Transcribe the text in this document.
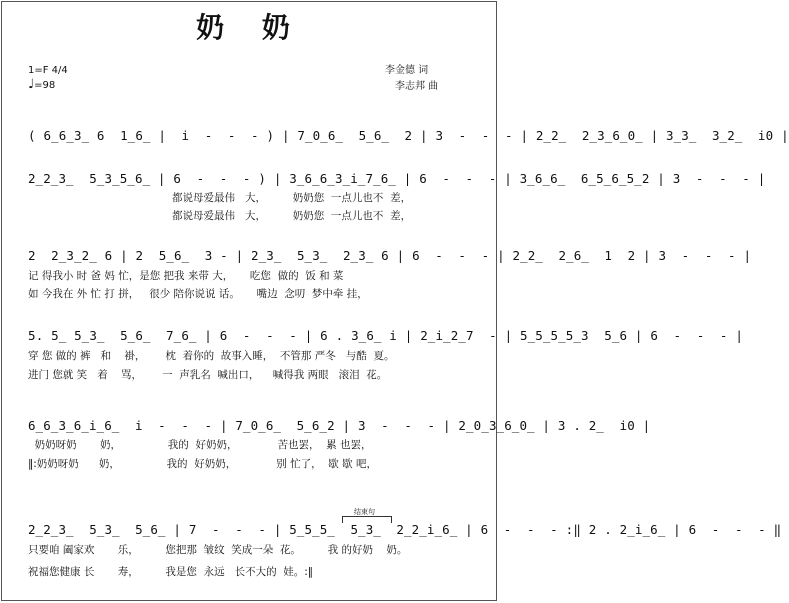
奶 奶
1=F 4/4
♩=98
李金德 词
李志邦 曲
( 6̲6̲3̲ 6  1̲6̲ |  i  -  -  - ) | 7̲0̲6̲  5̲6̲  2 | 3  -  -  - | 2̲2̲  2̲3̲6̲0̲ | 3̲3̲  3̲2̲  i0 |
2̲2̲3̲  5̲3̲5̲6̲ | 6  -  -  - ) | 3̲6̲6̲3̲i̲7̲6̲ | 6  -  -  - | 3̲6̲6̲  6̲5̲6̲5̲2 | 3  -  -  - |
都说母爱最伟   大，        奶奶您  一点儿也不  差，
都说母爱最伟   大，        奶奶您  一点儿也不  差，
2  2̲3̲2̲ 6 | 2  5̲6̲  3 - | 2̲3̲  5̲3̲  2̲3̲ 6 | 6  -  -  - | 2̲2̲  2̲6̲  1  2 | 3  -  -  - |
记 得我小 时 爸 妈 忙，是您 把我 来带 大，     吃您  做的  饭 和 菜
如 今我在 外 忙 打 拼，   很少 陪你说说 话。     嘴边  念叨  梦中牵 挂，
5. 5̲ 5̲3̲  5̲6̲  7̲6̲ | 6  -  -  - | 6 . 3̲6̲ i | 2̲i̲2̲7  - | 5̲5̲5̲5̲3  5̲6 | 6  -  -  - |
穿 您 做的 裤   和    褂，      枕  着你的  故事入睡，  不管那 严冬   与酷  夏。
进门 您就 笑   着    骂，      一  声乳名  喊出口，    喊得我 两眼   滚泪  花。
6̲6̲3̲6̲i̲6̲  i  -  -  - | 7̲0̲6̲  5̲6̲2 | 3  -  -  - | 2̲0̲3̲6̲0̲ | 3 . 2̲  i0 |
奶奶呀奶       奶，              我的  好奶奶，            苦也罢，  累 也罢，
‖:奶奶呀奶      奶，              我的  好奶奶，            别 忙了，  歇 歇 吧，
结束句
2̲2̲3̲  5̲3̲  5̲6̲ | 7  -  -  - | 5̲5̲5̲  5̲3̲  2̲2̲i̲6̲ | 6  -  -  - :‖ 2 . 2̲i̲6̲ | 6  -  -  - ‖
只要咱 阖家欢       乐，        您把那  皱纹  笑成一朵  花。        我 的好奶    奶。
祝福您健康 长       寿，        我是您  永远   长不大的  娃。:‖
